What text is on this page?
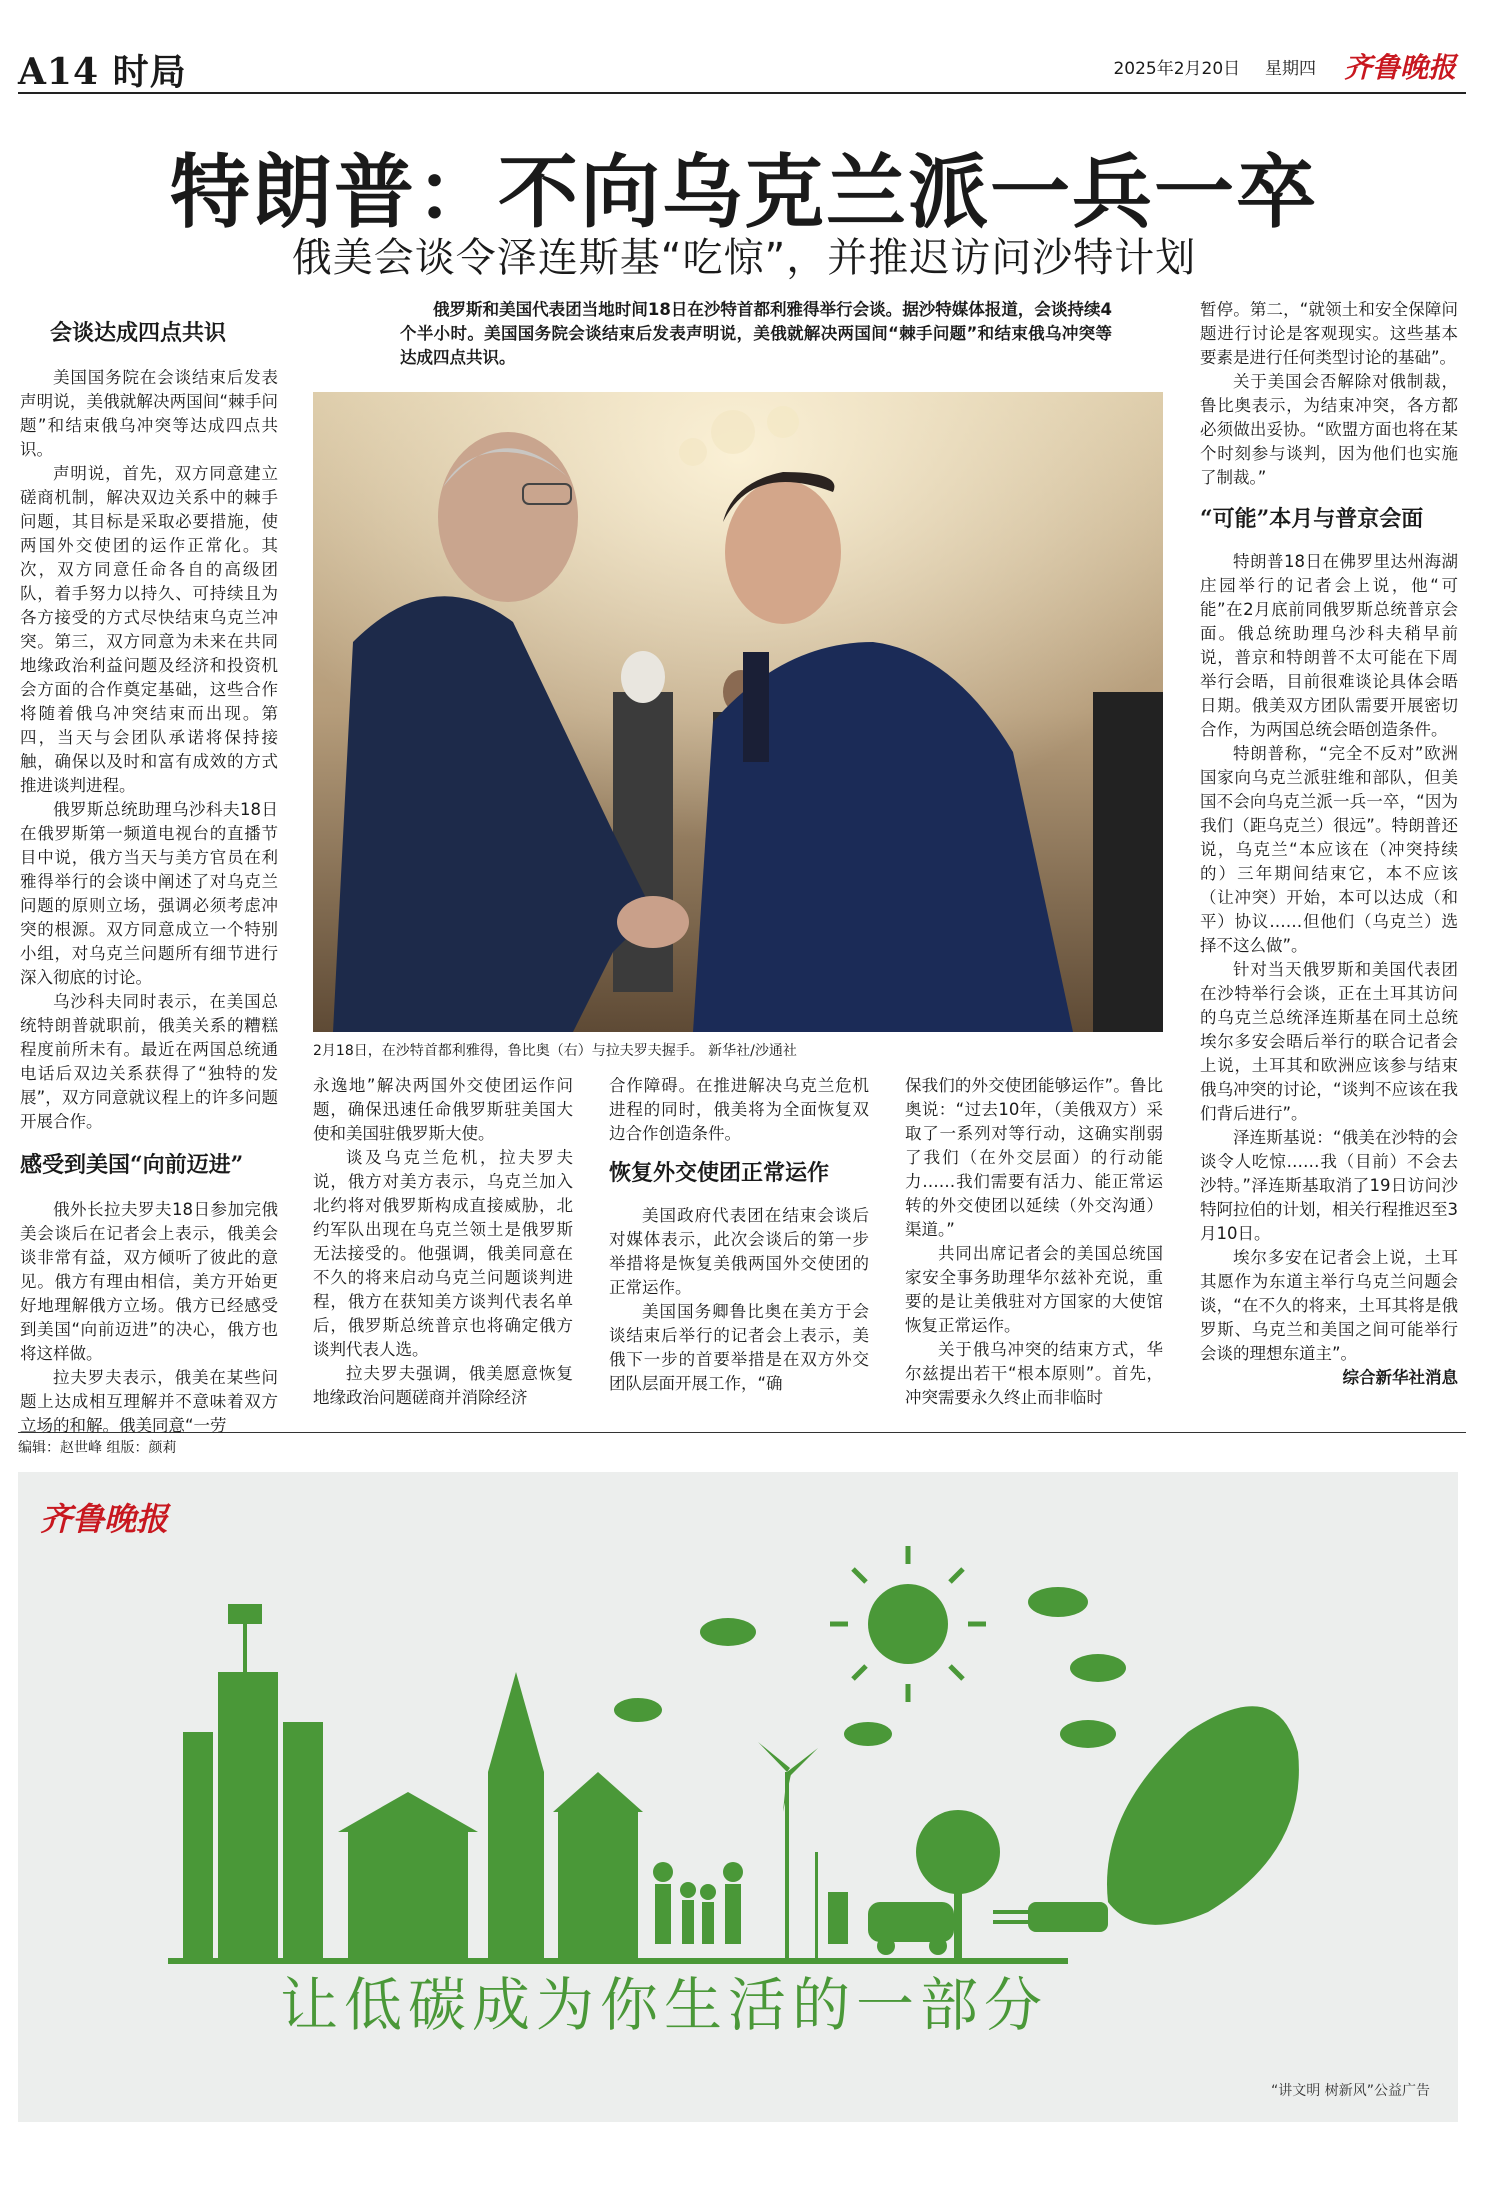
A14 时局	2025年2月20日 星期四 齐鲁晚报
特朗普：不向乌克兰派一兵一卒
俄美会谈令泽连斯基“吃惊”，并推迟访问沙特计划
会谈达成四点共识

美国国务院在会谈结束后发表声明说，美俄就解决两国间“棘手问题”和结束俄乌冲突等达成四点共识。

声明说，首先，双方同意建立磋商机制，解决双边关系中的棘手问题，其目标是采取必要措施，使两国外交使团的运作正常化。其次，双方同意任命各自的高级团队，着手努力以持久、可持续且为各方接受的方式尽快结束乌克兰冲突。第三，双方同意为未来在共同地缘政治利益问题及经济和投资机会方面的合作奠定基础，这些合作将随着俄乌冲突结束而出现。第四，当天与会团队承诺将保持接触，确保以及时和富有成效的方式推进谈判进程。

俄罗斯总统助理乌沙科夫18日在俄罗斯第一频道电视台的直播节目中说，俄方当天与美方官员在利雅得举行的会谈中阐述了对乌克兰问题的原则立场，强调必须考虑冲突的根源。双方同意成立一个特别小组，对乌克兰问题所有细节进行深入彻底的讨论。

乌沙科夫同时表示，在美国总统特朗普就职前，俄美关系的糟糕程度前所未有。最近在两国总统通电话后双边关系获得了“独特的发展”，双方同意就议程上的许多问题开展合作。

感受到美国“向前迈进”

俄外长拉夫罗夫18日参加完俄美会谈后在记者会上表示，俄美会谈非常有益，双方倾听了彼此的意见。俄方有理由相信，美方开始更好地理解俄方立场。俄方已经感受到美国“向前迈进”的决心，俄方也将这样做。

拉夫罗夫表示，俄美在某些问题上达成相互理解并不意味着双方立场的和解。俄美同意“一劳

俄罗斯和美国代表团当地时间18日在沙特首都利雅得举行会谈。据沙特媒体报道，会谈持续4个半小时。美国国务院会谈结束后发表声明说，美俄就解决两国间“棘手问题”和结束俄乌冲突等达成四点共识。

2月18日，在沙特首都利雅得，鲁比奥（右）与拉夫罗夫握手。 新华社/沙通社

永逸地”解决两国外交使团运作问题，确保迅速任命俄罗斯驻美国大使和美国驻俄罗斯大使。

谈及乌克兰危机，拉夫罗夫说，俄方对美方表示，乌克兰加入北约将对俄罗斯构成直接威胁，北约军队出现在乌克兰领土是俄罗斯无法接受的。他强调，俄美同意在不久的将来启动乌克兰问题谈判进程，俄方在获知美方谈判代表名单后，俄罗斯总统普京也将确定俄方谈判代表人选。

拉夫罗夫强调，俄美愿意恢复地缘政治问题磋商并消除经济

合作障碍。在推进解决乌克兰危机进程的同时，俄美将为全面恢复双边合作创造条件。

恢复外交使团正常运作

美国政府代表团在结束会谈后对媒体表示，此次会谈后的第一步举措将是恢复美俄两国外交使团的正常运作。

美国国务卿鲁比奥在美方于会谈结束后举行的记者会上表示，美俄下一步的首要举措是在双方外交团队层面开展工作，“确

保我们的外交使团能够运作”。鲁比奥说：“过去10年，（美俄双方）采取了一系列对等行动，这确实削弱了我们（在外交层面）的行动能力……我们需要有活力、能正常运转的外交使团以延续（外交沟通）渠道。”

共同出席记者会的美国总统国家安全事务助理华尔兹补充说，重要的是让美俄驻对方国家的大使馆恢复正常运作。

关于俄乌冲突的结束方式，华尔兹提出若干“根本原则”。首先，冲突需要永久终止而非临时

暂停。第二，“就领土和安全保障问题进行讨论是客观现实。这些基本要素是进行任何类型讨论的基础”。

关于美国会否解除对俄制裁，鲁比奥表示，为结束冲突，各方都必须做出妥协。“欧盟方面也将在某个时刻参与谈判，因为他们也实施了制裁。”

“可能”本月与普京会面

特朗普18日在佛罗里达州海湖庄园举行的记者会上说，他“可能”在2月底前同俄罗斯总统普京会面。俄总统助理乌沙科夫稍早前说，普京和特朗普不太可能在下周举行会晤，目前很难谈论具体会晤日期。俄美双方团队需要开展密切合作，为两国总统会晤创造条件。

特朗普称，“完全不反对”欧洲国家向乌克兰派驻维和部队，但美国不会向乌克兰派一兵一卒，“因为我们（距乌克兰）很远”。特朗普还说，乌克兰“本应该在（冲突持续的）三年期间结束它，本不应该（让冲突）开始，本可以达成（和平）协议……但他们（乌克兰）选择不这么做”。

针对当天俄罗斯和美国代表团在沙特举行会谈，正在土耳其访问的乌克兰总统泽连斯基在同土总统埃尔多安会晤后举行的联合记者会上说，土耳其和欧洲应该参与结束俄乌冲突的讨论，“谈判不应该在我们背后进行”。

泽连斯基说：“俄美在沙特的会谈令人吃惊……我（目前）不会去沙特。”泽连斯基取消了19日访问沙特阿拉伯的计划，相关行程推迟至3月10日。

埃尔多安在记者会上说，土耳其愿作为东道主举行乌克兰问题会谈，“在不久的将来，土耳其将是俄罗斯、乌克兰和美国之间可能举行会谈的理想东道主”。

综合新华社消息

编辑：赵世峰 组版：颜莉
齐鲁晚报
让低碳成为你生活的一部分
“讲文明 树新风”公益广告
